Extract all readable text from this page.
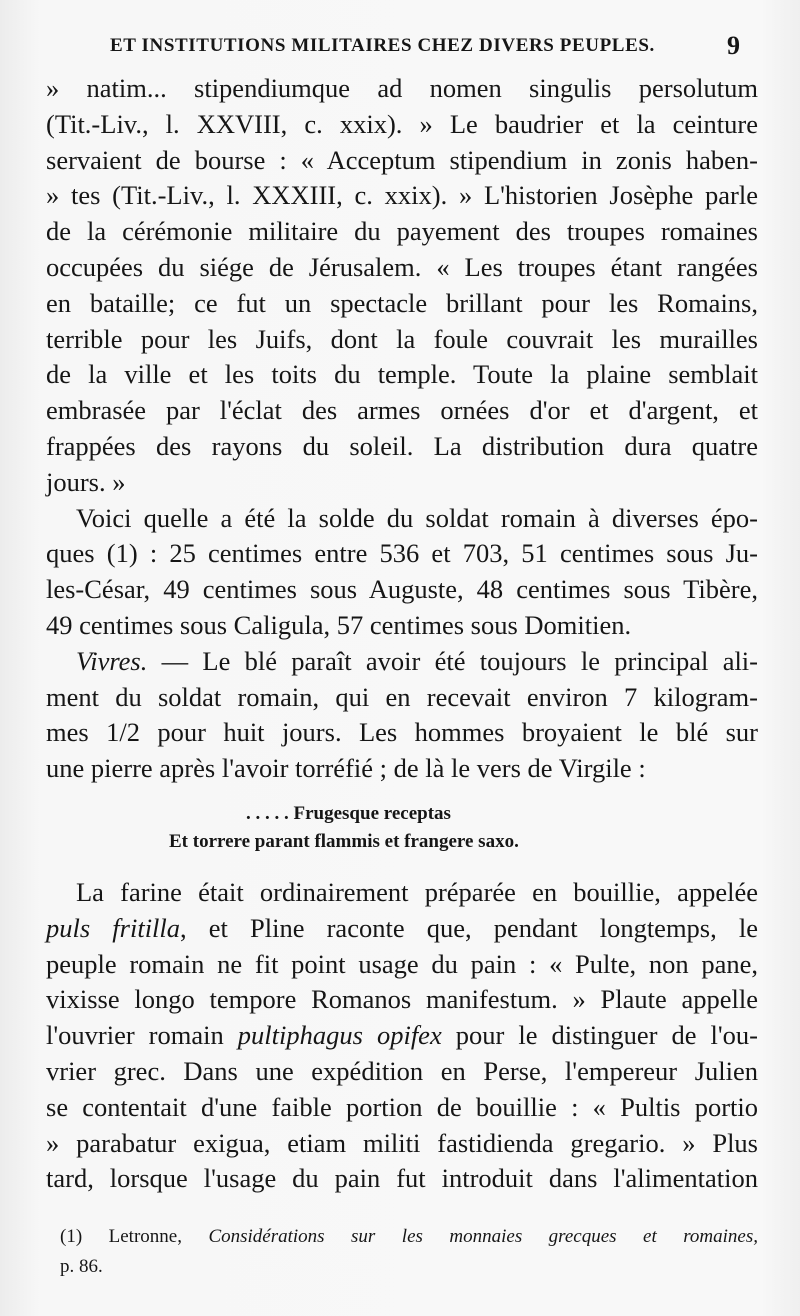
ET INSTITUTIONS MILITAIRES CHEZ DIVERS PEUPLES.	9
» natim... stipendiumque ad nomen singulis persolutum
(Tit.-Liv., l. XXVIII, c. xxix). » Le baudrier et la ceinture
servaient de bourse : « Acceptum stipendium in zonis haben-
» tes (Tit.-Liv., l. XXXIII, c. xxix). » L'historien Josèphe parle
de la cérémonie militaire du payement des troupes romaines
occupées du siége de Jérusalem. « Les troupes étant rangées
en bataille; ce fut un spectacle brillant pour les Romains,
terrible pour les Juifs, dont la foule couvrait les murailles
de la ville et les toits du temple. Toute la plaine semblait
embrasée par l'éclat des armes ornées d'or et d'argent, et
frappées des rayons du soleil. La distribution dura quatre
jours. »
Voici quelle a été la solde du soldat romain à diverses épo-
ques (1) : 25 centimes entre 536 et 703, 51 centimes sous Ju-
les-César, 49 centimes sous Auguste, 48 centimes sous Tibère,
49 centimes sous Caligula, 57 centimes sous Domitien.
Vivres. — Le blé paraît avoir été toujours le principal ali-
ment du soldat romain, qui en recevait environ 7 kilogram-
mes 1/2 pour huit jours. Les hommes broyaient le blé sur
une pierre après l'avoir torréfié ; de là le vers de Virgile :
. . . . . Frugesque receptas
Et torrere parant flammis et frangere saxo.
La farine était ordinairement préparée en bouillie, appelée
puls fritilla, et Pline raconte que, pendant longtemps, le
peuple romain ne fit point usage du pain : « Pulte, non pane,
vixisse longo tempore Romanos manifestum. » Plaute appelle
l'ouvrier romain pultiphagus opifex pour le distinguer de l'ou-
vrier grec. Dans une expédition en Perse, l'empereur Julien
se contentait d'une faible portion de bouillie : « Pultis portio
» parabatur exigua, etiam militi fastidienda gregario. » Plus
tard, lorsque l'usage du pain fut introduit dans l'alimentation
(1) Letronne, Considérations sur les monnaies grecques et romaines,
p. 86.
